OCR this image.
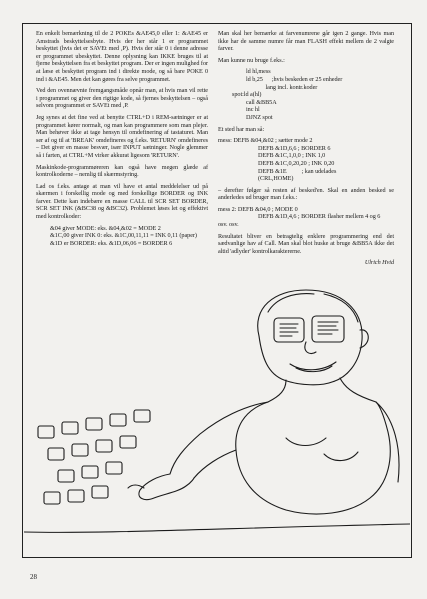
En enkelt bemærkning til de 2 POKEs &AE45,0 eller 1: &AE45 er Amstrads beskyttelsesbyte. Hvis der her står 1 er programmet beskyttet (hvis det er SAVEt med ,P). Hvis der står 0 i denne adresse er programmet ubeskyttet. Denne oplysning kan IKKE bruges til at fjerne beskyttelsen fra et beskyttet program. Der er ingen mulighed for at læse et beskyttet program ind i direkte mode, og så bare POKE 0 ind i &AE45. Men det kan gøres fra selve programmet.

Ved den ovennævnte fremgangsmåde opnår man, at hvis man vil rette i programmet og giver den rigtige kode, så fjernes beskyttelsen – også selvom programmet er SAVEt med ,P.

Jeg synes at det fine ved at benytte CTRL+D i REM-sætninger er at programmet kører normalt, og man kan programmere som man plejer. Man behøver ikke at tage hensyn til omdefinering af tastaturet. Man ser af og til at 'BREAK' omdefineres og f.eks. 'RETURN' omdefineres – Det giver en masse besvær, især INPUT sætninger. Nogle glemmer så i farten, at CTRL+M virker akkurat ligesom 'RETURN'.

Maskinkode-programmøreren kan også have megen glæde af kontrolkoderne – nemlig til skærmstyring.

Lad os f.eks. antage at man vil have et antal meddelelser ud på skærmen i forskellig mode og med forskellige BORDER og INK farver. Dette kan indebære en masse CALL til SCR SET BORDER, SCR SET INK (&BC38 og &BC32). Problemet løses let og effektivt med kontrolkoder:

&04 giver MODE: eks. &04,&02 = MODE 2
&1C,00 giver INK 0: eks. &1C,00,11,11 = INK 0,11 (paper)
&1D er BORDER: eks. &1D,06,06 = BORDER 6

Man skal her bemærke at farvenumrene går igen 2 gange. Hvis man ikke har de samme numre får man FLASH effekt mellem de 2 valgte farver.

Man kunne nu bruge f.eks.:

ld hl,mess
ld b,25      ;hvis beskeden er 25 enheder
lang incl. kontr.koder
spot:ld a(hl)
call &BB5A
inc hl
DJNZ spot

Et sted har man så:

mess: DEFB &04,&02 ; sætter mode 2
DEFB &1D,6,6 ; BORDER 6
DEFB &1C,1,0,0 ; INK 1,0
DEFB &1C,0,20,20 ; INK 0,20
DEFB &1E          ; kan udelades
(CRL,HOME)

– derefter følger så resten af besked'en. Skal en anden besked se anderledes ud bruger man f.eks.:

mess 2: DEFB &04,0 ; MODE 0
DEFB &1D,4,6 ; BORDER flasher mellem 4 og 6
osv. osv.

Resultatet bliver en betragtelig enklere programmering end det sædvanlige hav af Call. Man skal blot huske at bruge &BB5A ikke det altid 'adlyder' kontrolkaraktererne.

Ulrich Hvid
28
